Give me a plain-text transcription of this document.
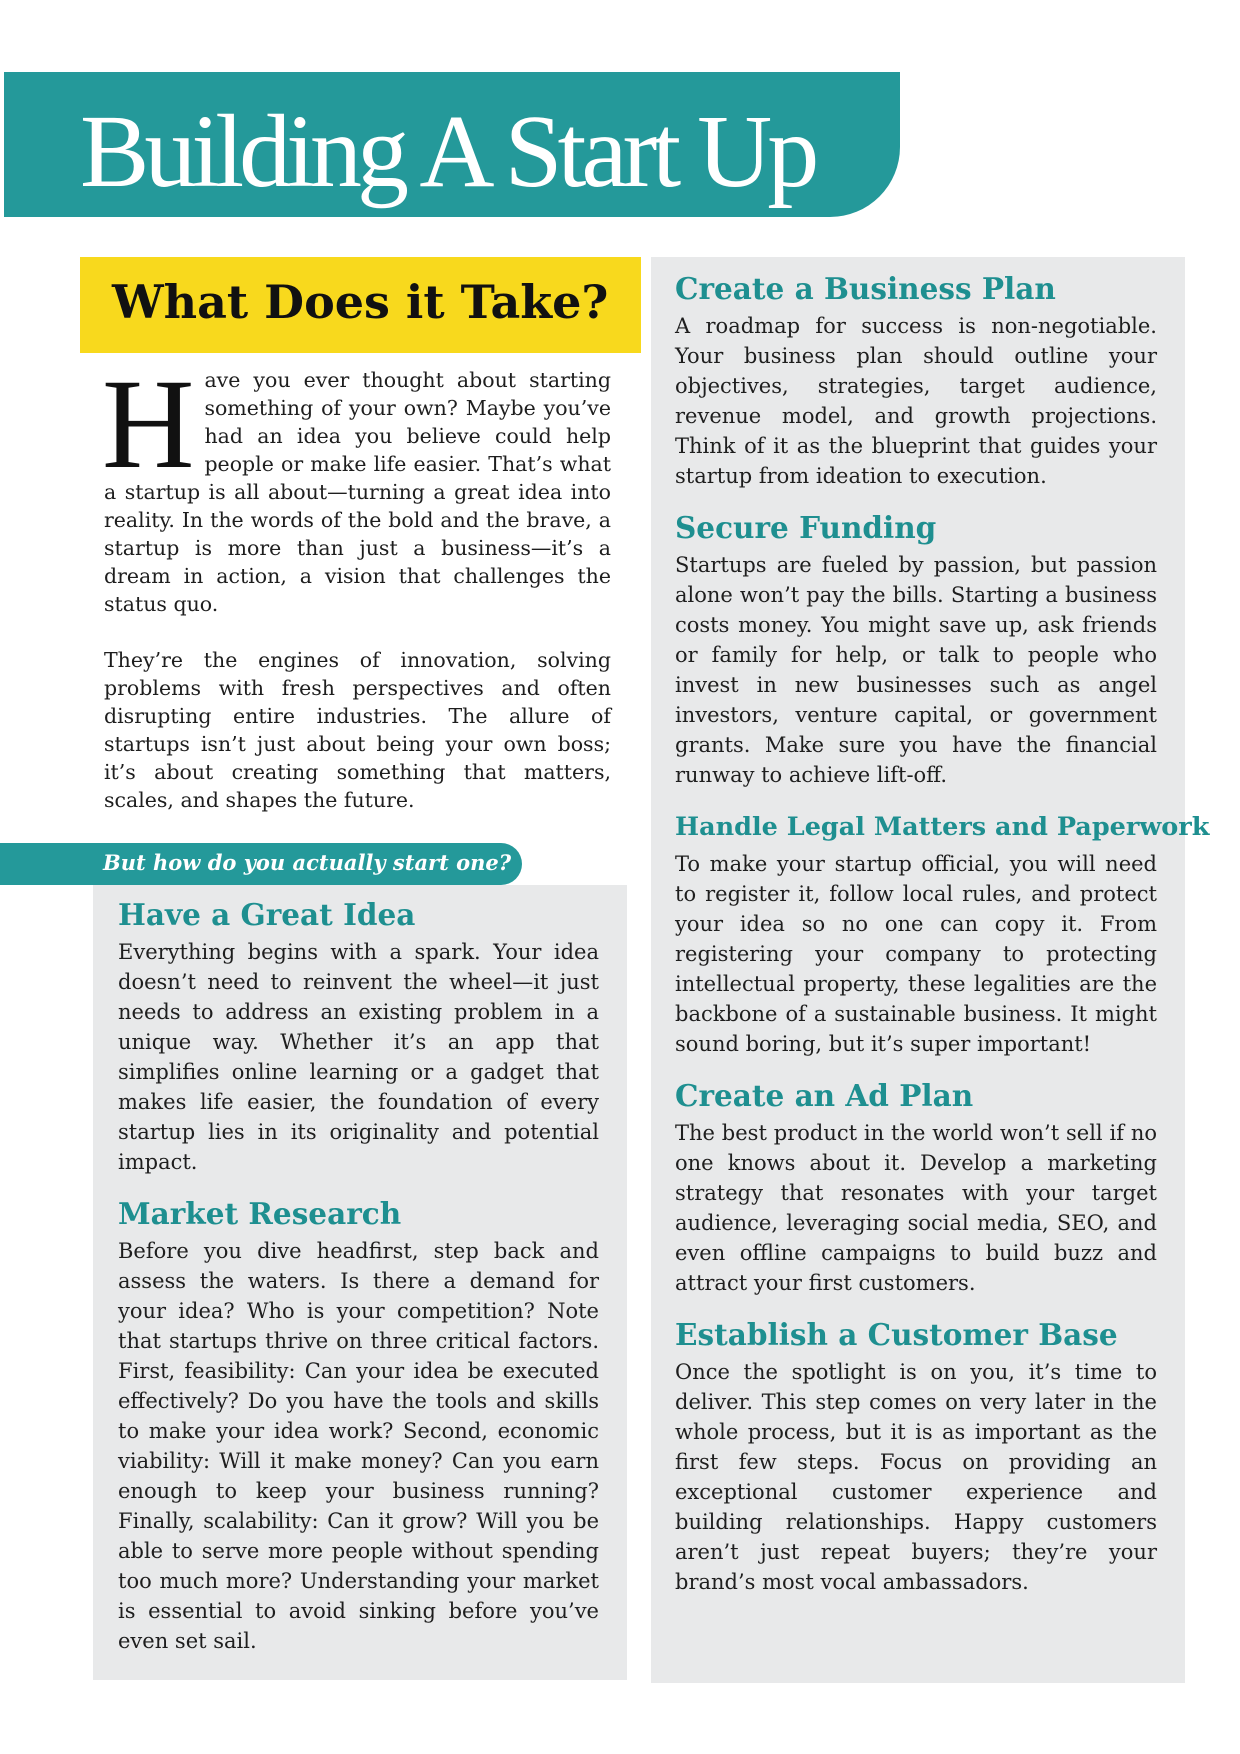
Building A Start Up
What Does it Take?

Have you ever thought about starting something of your own? Maybe you’ve had an idea you believe could help people or make life easier. That’s what a startup is all about—turning a great idea into reality. In the words of the bold and the brave, a startup is more than just a business—it’s a dream in action, a vision that challenges the status quo.

They’re the engines of innovation, solving problems with fresh perspectives and often disrupting entire industries. The allure of startups isn’t just about being your own boss; it’s about creating something that matters, scales, and shapes the future.

Have a Great Idea

Everything begins with a spark. Your idea doesn’t need to reinvent the wheel—it just needs to address an existing problem in a unique way. Whether it’s an app that simplifies online learning or a gadget that makes life easier, the foundation of every startup lies in its originality and potential impact.

Market Research

Before you dive headfirst, step back and assess the waters. Is there a demand for your idea? Who is your competition? Note that startups thrive on three critical factors. First, feasibility: Can your idea be executed effectively? Do you have the tools and skills to make your idea work? Second, economic viability: Will it make money? Can you earn enough to keep your business running? Finally, scalability: Can it grow? Will you be able to serve more people without spending too much more? Understanding your market is essential to avoid sinking before you’ve even set sail.

But how do you actually start one?
Create a Business Plan

A roadmap for success is non-negotiable. Your business plan should outline your objectives, strategies, target audience, revenue model, and growth projections. Think of it as the blueprint that guides your startup from ideation to execution.

Secure Funding

Startups are fueled by passion, but passion alone won’t pay the bills. Starting a business costs money. You might save up, ask friends or family for help, or talk to people who invest in new businesses such as angel investors, venture capital, or government grants. Make sure you have the financial runway to achieve lift-off.

Handle Legal Matters and Paperwork

To make your startup official, you will need to register it, follow local rules, and protect your idea so no one can copy it. From registering your company to protecting intellectual property, these legalities are the backbone of a sustainable business. It might sound boring, but it’s super important!

Create an Ad Plan

The best product in the world won’t sell if no one knows about it. Develop a marketing strategy that resonates with your target audience, leveraging social media, SEO, and even offline campaigns to build buzz and attract your first customers.

Establish a Customer Base

Once the spotlight is on you, it’s time to deliver. This step comes on very later in the whole process, but it is as important as the first few steps. Focus on providing an exceptional customer experience and building relationships. Happy customers aren’t just repeat buyers; they’re your brand’s most vocal ambassadors.
